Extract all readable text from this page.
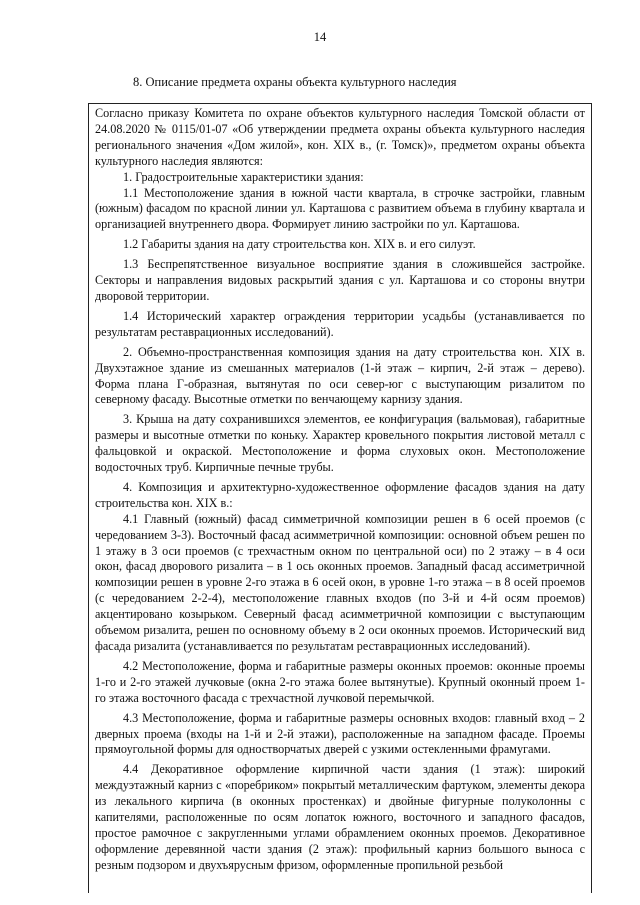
14
8. Описание предмета охраны объекта культурного наследия

Согласно приказу Комитета по охране объектов культурного наследия Томской области от 24.08.2020 № 0115/01-07 «Об утверждении предмета охраны объекта культурного наследия регионального значения «Дом жилой», кон. XIX в., (г. Томск)», предметом охраны объекта культурного наследия являются:

1. Градостроительные характеристики здания:

1.1 Местоположение здания в южной части квартала, в строчке застройки, главным (южным) фасадом по красной линии ул. Карташова с развитием объема в глубину квартала и организацией внутреннего двора. Формирует линию застройки по ул. Карташова.

1.2 Габариты здания на дату строительства кон. XIX в. и его силуэт.

1.3 Беспрепятственное визуальное восприятие здания в сложившейся застройке. Секторы и направления видовых раскрытий здания с ул. Карташова и со стороны внутри дворовой территории.

1.4 Исторический характер ограждения территории усадьбы (устанавливается по результатам реставрационных исследований).

2. Объемно-пространственная композиция здания на дату строительства кон. XIX в. Двухэтажное здание из смешанных материалов (1-й этаж – кирпич, 2-й этаж – дерево). Форма плана Г-образная, вытянутая по оси север-юг с выступающим ризалитом по северному фасаду. Высотные отметки по венчающему карнизу здания.

3. Крыша на дату сохранившихся элементов, ее конфигурация (вальмовая), габаритные размеры и высотные отметки по коньку. Характер кровельного покрытия листовой металл с фальцовкой и окраской. Местоположение и форма слуховых окон. Местоположение водосточных труб. Кирпичные печные трубы.

4. Композиция и архитектурно-художественное оформление фасадов здания на дату строительства кон. XIX в.:

4.1 Главный (южный) фасад симметричной композиции решен в 6 осей проемов (с чередованием 3-3). Восточный фасад асимметричной композиции: основной объем решен по 1 этажу в 3 оси проемов (с трехчастным окном по центральной оси) по 2 этажу – в 4 оси окон, фасад дворового ризалита – в 1 ось оконных проемов. Западный фасад ассиметричной композиции решен в уровне 2-го этажа в 6 осей окон, в уровне 1-го этажа – в 8 осей проемов (с чередованием 2-2-4), местоположение главных входов (по 3-й и 4-й осям проемов) акцентировано козырьком. Северный фасад асимметричной композиции с выступающим объемом ризалита, решен по основному объему в 2 оси оконных проемов. Исторический вид фасада ризалита (устанавливается по результатам реставрационных исследований).

4.2 Местоположение, форма и габаритные размеры оконных проемов: оконные проемы 1-го и 2-го этажей лучковые (окна 2-го этажа более вытянутые). Крупный оконный проем 1-го этажа восточного фасада с трехчастной лучковой перемычкой.

4.3 Местоположение, форма и габаритные размеры основных входов: главный вход – 2 дверных проема (входы на 1-й и 2-й этажи), расположенные на западном фасаде. Проемы прямоугольной формы для одностворчатых дверей с узкими остекленными фрамугами.

4.4 Декоративное оформление кирпичной части здания (1 этаж): широкий междуэтажный карниз с «поребриком» покрытый металлическим фартуком, элементы декора из лекального кирпича (в оконных простенках) и двойные фигурные полуколонны с капителями, расположенные по осям лопаток южного, восточного и западного фасадов, простое рамочное с закругленными углами обрамлением оконных проемов. Декоративное оформление деревянной части здания (2 этаж): профильный карниз большого выноса с резным подзором и двухъярусным фризом, оформленные пропильной резьбой
